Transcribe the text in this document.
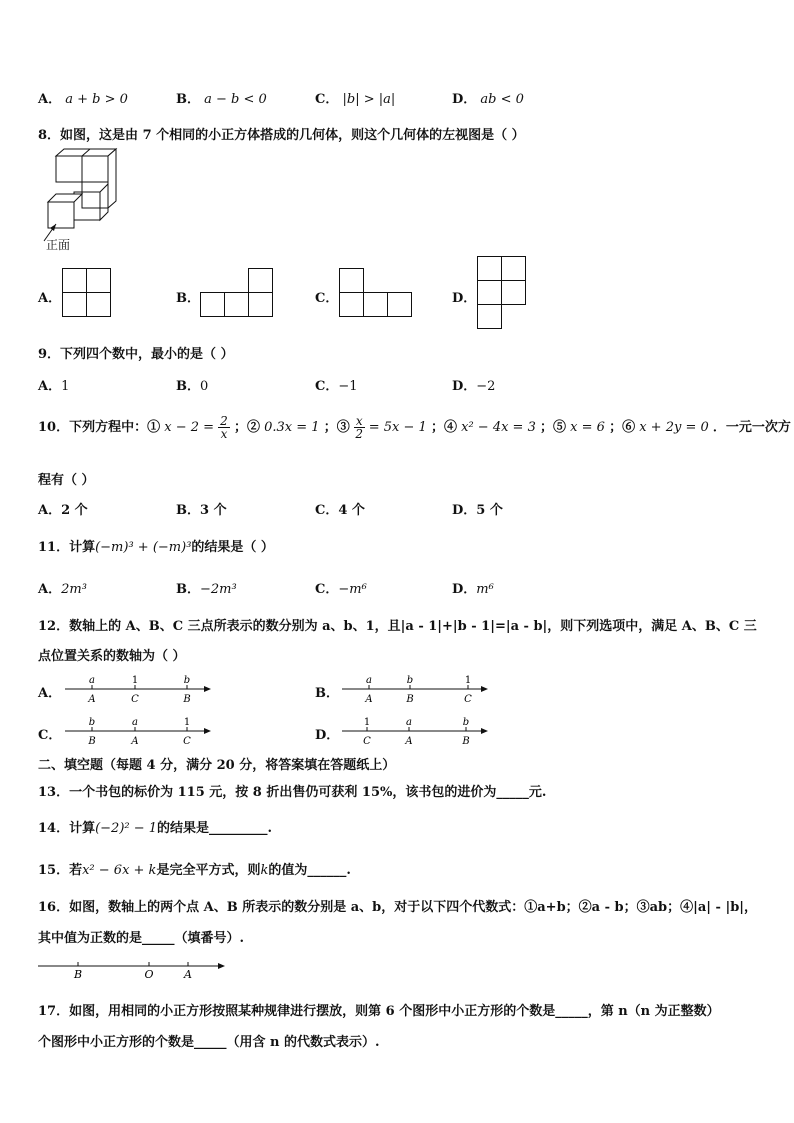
A． a + b > 0	B． a − b < 0	C． |b| > |a|	D． ab < 0
8．如图，这是由 7 个相同的小正方体搭成的几何体，则这个几何体的左视图是（ ）
正面
A．	B．	C．	D．
9．下列四个数中，最小的是（ ）
A．1	B．0	C．−1	D．−2
10．下列方程中：① $x - 2 = \frac{2}{x}$ ；② 0.3x = 1 ；③ $\frac{x}{2} = 5x - 1$ ；④ x² − 4x = 3 ；⑤ x = 6 ；⑥ x + 2y = 0 ．一元一次方
程有（ ）
A．2 个	B．3 个	C．4 个	D．5 个
11．计算(−m)³ + (−m)³的结果是（ ）
A．2m³	B．−2m³	C．−m⁶	D．m⁶
12．数轴上的 A、B、C 三点所表示的数分别为 a、b、1，且|a - 1|+|b - 1|=|a - b|，则下列选项中，满足 A、B、C 三
点位置关系的数轴为（ ）
A．
a	1	b
A	C	B	B．
a	b	1
A	B	C
C．
b	a	1
B	A	C	D．
1	a	b
C	A	B
二、填空题（每题 4 分，满分 20 分，将答案填在答题纸上）
13．一个书包的标价为 115 元，按 8 折出售仍可获利 15%，该书包的进价为_____元.
14．计算(−2)² − 1的结果是_________.
15．若x² − 6x + k是完全平方式，则k的值为______.
16．如图，数轴上的两个点 A、B 所表示的数分别是 a、b，对于以下四个代数式：①a+b；②a - b；③ab；④|a| - |b|，
其中值为正数的是_____（填番号）.
B	O	A
17．如图，用相同的小正方形按照某种规律进行摆放，则第 6 个图形中小正方形的个数是_____，第 n（n 为正整数）
个图形中小正方形的个数是_____（用含 n 的代数式表示）.
